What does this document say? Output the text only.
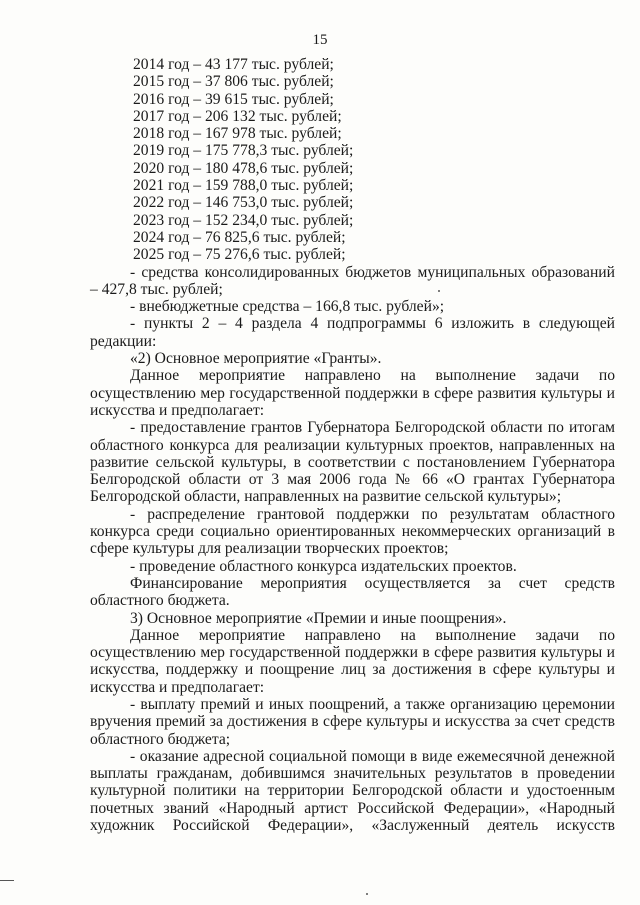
15
2014 год – 43 177 тыс. рублей;
2015 год – 37 806 тыс. рублей;
2016 год – 39 615 тыс. рублей;
2017 год – 206 132 тыс. рублей;
2018 год – 167 978 тыс. рублей;
2019 год – 175 778,3 тыс. рублей;
2020 год – 180 478,6 тыс. рублей;
2021 год – 159 788,0 тыс. рублей;
2022 год – 146 753,0 тыс. рублей;
2023 год – 152 234,0 тыс. рублей;
2024 год – 76 825,6 тыс. рублей;
2025 год – 75 276,6 тыс. рублей;

- средства консолидированных бюджетов муниципальных образований – 427,8 тыс. рублей;

- внебюджетные средства – 166,8 тыс. рублей»;

- пункты 2 – 4 раздела 4 подпрограммы 6 изложить в следующей редакции:

«2) Основное мероприятие «Гранты».

Данное мероприятие направлено на выполнение задачи по осуществлению мер государственной поддержки в сфере развития культуры и искусства и предполагает:

- предоставление грантов Губернатора Белгородской области по итогам областного конкурса для реализации культурных проектов, направленных на развитие сельской культуры, в соответствии с постановлением Губернатора Белгородской области от 3 мая 2006 года № 66 «О грантах Губернатора Белгородской области, направленных на развитие сельской культуры»;

- распределение грантовой поддержки по результатам областного конкурса среди социально ориентированных некоммерческих организаций в сфере культуры для реализации творческих проектов;

- проведение областного конкурса издательских проектов.

Финансирование мероприятия осуществляется за счет средств областного бюджета.

3) Основное мероприятие «Премии и иные поощрения».

Данное мероприятие направлено на выполнение задачи по осуществлению мер государственной поддержки в сфере развития культуры и искусства, поддержку и поощрение лиц за достижения в сфере культуры и искусства и предполагает:

- выплату премий и иных поощрений, а также организацию церемонии вручения премий за достижения в сфере культуры и искусства за счет средств областного бюджета;

- оказание адресной социальной помощи в виде ежемесячной денежной выплаты гражданам, добившимся значительных результатов в проведении культурной политики на территории Белгородской области и удостоенным почетных званий «Народный артист Российской Федерации», «Народный художник Российской Федерации», «Заслуженный деятель искусств
